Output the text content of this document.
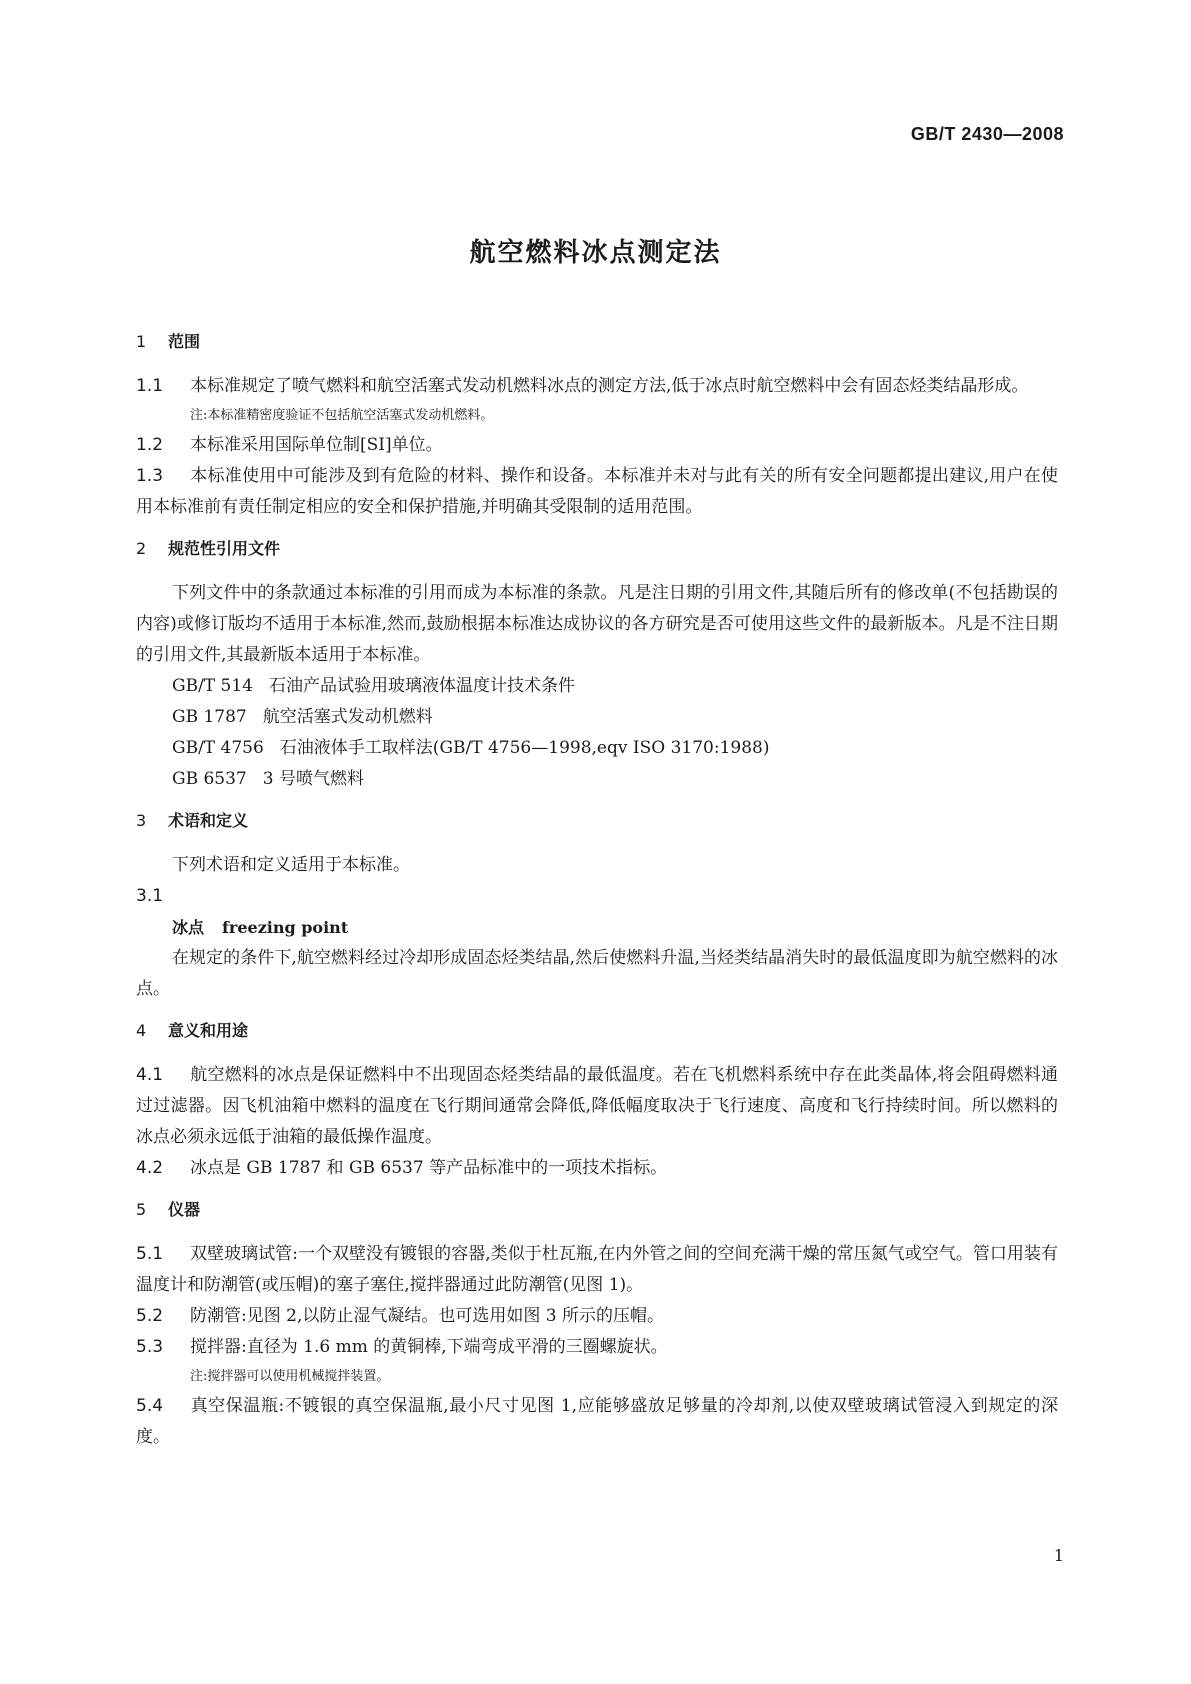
GB/T 2430—2008
航空燃料冰点测定法
1 范围

1.1 本标准规定了喷气燃料和航空活塞式发动机燃料冰点的测定方法,低于冰点时航空燃料中会有固态烃类结晶形成。

注:本标准精密度验证不包括航空活塞式发动机燃料。

1.2 本标准采用国际单位制[SI]单位。

1.3 本标准使用中可能涉及到有危险的材料、操作和设备。本标准并未对与此有关的所有安全问题都提出建议,用户在使用本标准前有责任制定相应的安全和保护措施,并明确其受限制的适用范围。

2 规范性引用文件

下列文件中的条款通过本标准的引用而成为本标准的条款。凡是注日期的引用文件,其随后所有的修改单(不包括勘误的内容)或修订版均不适用于本标准,然而,鼓励根据本标准达成协议的各方研究是否可使用这些文件的最新版本。凡是不注日期的引用文件,其最新版本适用于本标准。

GB/T 514 石油产品试验用玻璃液体温度计技术条件

GB 1787 航空活塞式发动机燃料

GB/T 4756 石油液体手工取样法(GB/T 4756—1998,eqv ISO 3170:1988)

GB 6537 3 号喷气燃料

3 术语和定义

下列术语和定义适用于本标准。

3.1

冰点 freezing point

在规定的条件下,航空燃料经过冷却形成固态烃类结晶,然后使燃料升温,当烃类结晶消失时的最低温度即为航空燃料的冰点。

4 意义和用途

4.1 航空燃料的冰点是保证燃料中不出现固态烃类结晶的最低温度。若在飞机燃料系统中存在此类晶体,将会阻碍燃料通过过滤器。因飞机油箱中燃料的温度在飞行期间通常会降低,降低幅度取决于飞行速度、高度和飞行持续时间。所以燃料的冰点必须永远低于油箱的最低操作温度。

4.2 冰点是 GB 1787 和 GB 6537 等产品标准中的一项技术指标。

5 仪器

5.1 双壁玻璃试管:一个双壁没有镀银的容器,类似于杜瓦瓶,在内外管之间的空间充满干燥的常压氮气或空气。管口用装有温度计和防潮管(或压帽)的塞子塞住,搅拌器通过此防潮管(见图 1)。

5.2 防潮管:见图 2,以防止湿气凝结。也可选用如图 3 所示的压帽。

5.3 搅拌器:直径为 1.6 mm 的黄铜棒,下端弯成平滑的三圈螺旋状。

注:搅拌器可以使用机械搅拌装置。

5.4 真空保温瓶:不镀银的真空保温瓶,最小尺寸见图 1,应能够盛放足够量的冷却剂,以使双壁玻璃试管浸入到规定的深度。

1
